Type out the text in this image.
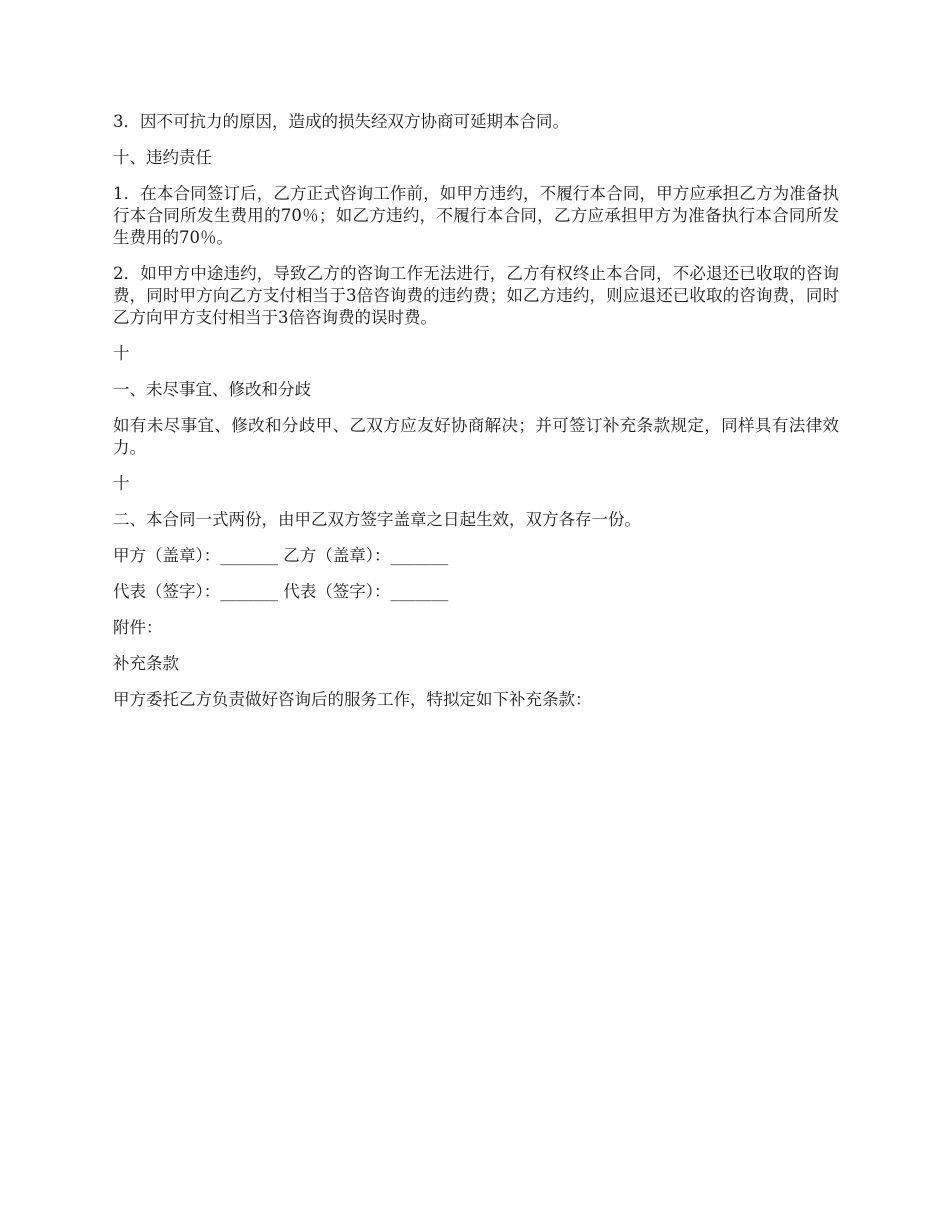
3．因不可抗力的原因，造成的损失经双方协商可延期本合同。

十、违约责任

1．在本合同签订后，乙方正式咨询工作前，如甲方违约，不履行本合同，甲方应承担乙方为准备执行本合同所发生费用的70％；如乙方违约，不履行本合同，乙方应承担甲方为准备执行本合同所发生费用的70％。

2．如甲方中途违约，导致乙方的咨询工作无法进行，乙方有权终止本合同，不必退还已收取的咨询费，同时甲方向乙方支付相当于3倍咨询费的违约费；如乙方违约，则应退还已收取的咨询费，同时乙方向甲方支付相当于3倍咨询费的误时费。

十

一、未尽事宜、修改和分歧

如有未尽事宜、修改和分歧甲、乙双方应友好协商解决；并可签订补充条款规定，同样具有法律效力。

十

二、本合同一式两份，由甲乙双方签字盖章之日起生效，双方各存一份。

甲方（盖章）：_______ 乙方（盖章）：_______

代表（签字）：_______ 代表（签字）：_______

附件：

补充条款

甲方委托乙方负责做好咨询后的服务工作，特拟定如下补充条款：
